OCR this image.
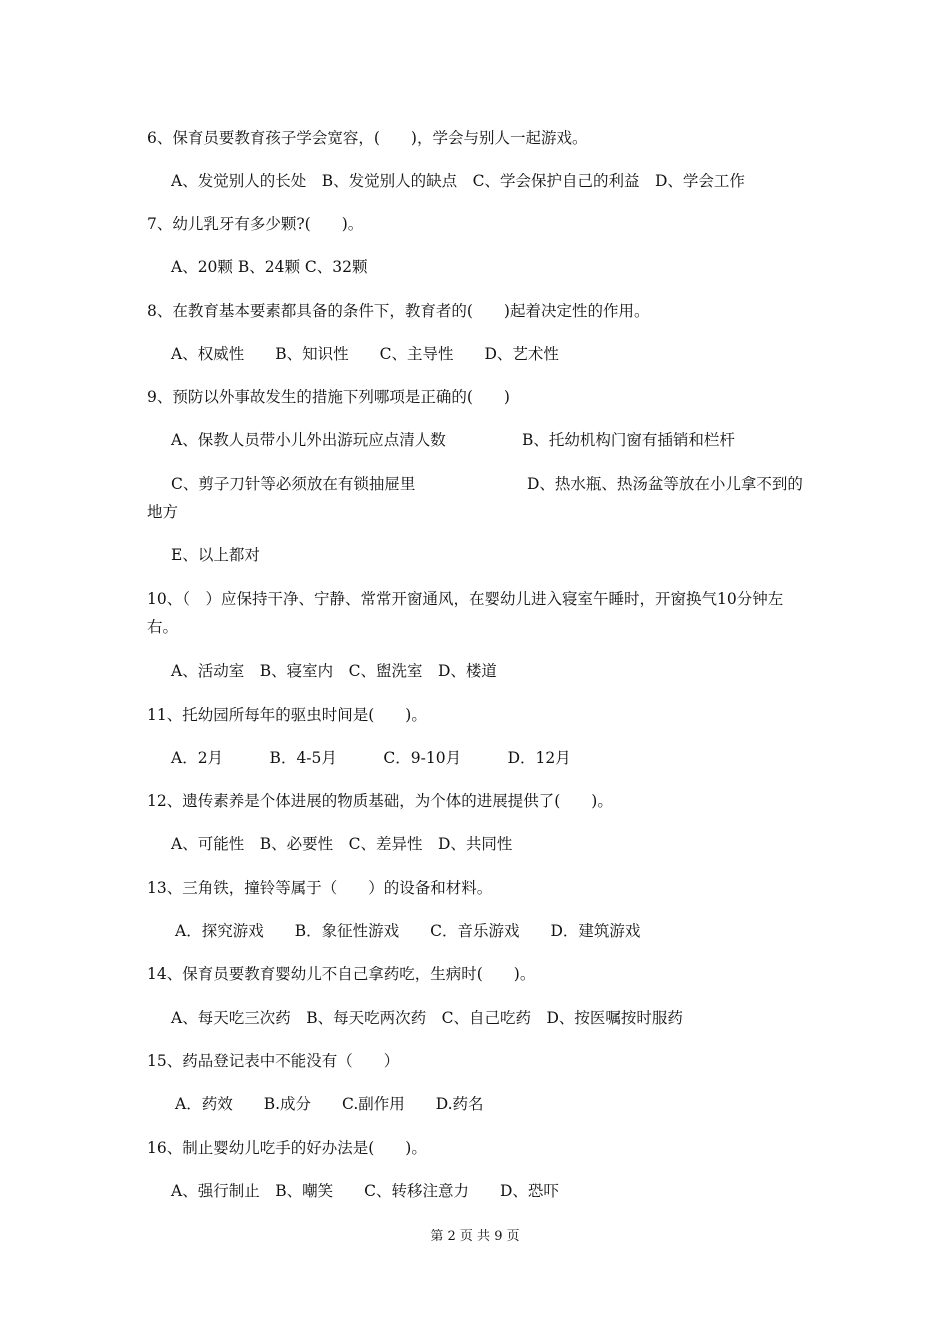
6、保育员要教育孩子学会宽容，(　　)，学会与别人一起游戏。
A、发觉别人的长处　B、发觉别人的缺点　C、学会保护自己的利益　D、学会工作
7、幼儿乳牙有多少颗?(　　)。
A、20颗 B、24颗 C、32颗
8、在教育基本要素都具备的条件下，教育者的(　　)起着决定性的作用。
A、权威性　　B、知识性　　C、主导性　　D、艺术性
9、预防以外事故发生的措施下列哪项是正确的(　　)
A、保教人员带小儿外出游玩应点清人数	B、托幼机构门窗有插销和栏杆
C、剪子刀针等必须放在有锁抽屉里	D、热水瓶、热汤盆等放在小儿拿不到的地方
E、以上都对
10、（　）应保持干净、宁静、常常开窗通风，在婴幼儿进入寝室午睡时，开窗换气10分钟左右。
A、活动室　B、寝室内　C、盥洗室　D、楼道
11、托幼园所每年的驱虫时间是(　　)。
A．2月　　　B．4-5月　　　C．9-10月　　　D．12月
12、遗传素养是个体进展的物质基础，为个体的进展提供了(　　)。
A、可能性　B、必要性　C、差异性　D、共同性
13、三角铁，撞铃等属于（　　）的设备和材料。
A．探究游戏　　B．象征性游戏　　C．音乐游戏　　D．建筑游戏
14、保育员要教育婴幼儿不自己拿药吃，生病时(　　)。
A、每天吃三次药　B、每天吃两次药　C、自己吃药　D、按医嘱按时服药
15、药品登记表中不能没有（　　）
A．药效　　B.成分　　C.副作用　　D.药名
16、制止婴幼儿吃手的好办法是(　　)。
A、强行制止　B、嘲笑　　C、转移注意力　　D、恐吓
第 2 页 共 9 页
